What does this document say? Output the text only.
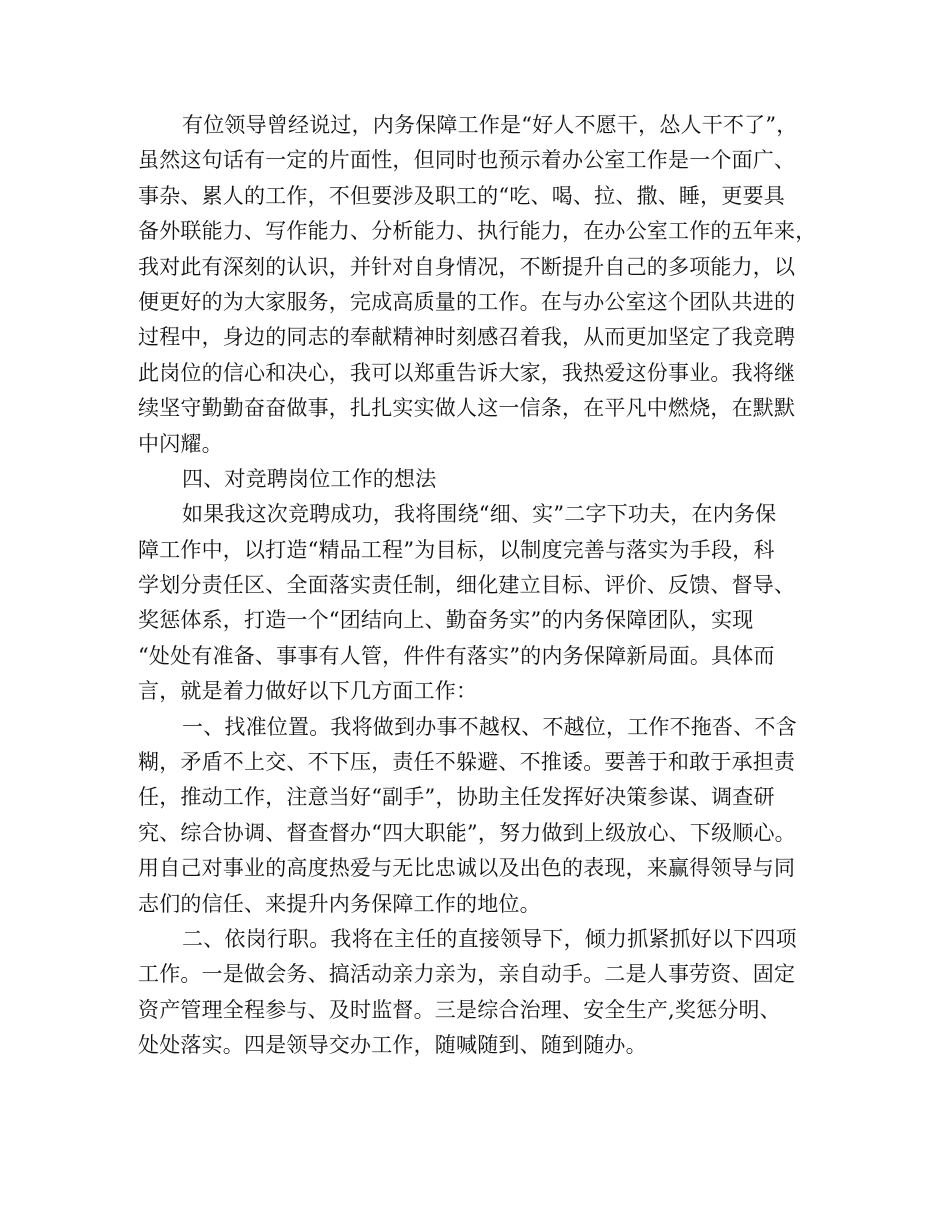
有位领导曾经说过，内务保障工作是“好人不愿干，怂人干不了”，
虽然这句话有一定的片面性，但同时也预示着办公室工作是一个面广、
事杂、累人的工作，不但要涉及职工的“吃、喝、拉、撒、睡，更要具
备外联能力、写作能力、分析能力、执行能力，在办公室工作的五年来，
我对此有深刻的认识，并针对自身情况，不断提升自己的多项能力，以
便更好的为大家服务，完成高质量的工作。在与办公室这个团队共进的
过程中，身边的同志的奉献精神时刻感召着我，从而更加坚定了我竞聘
此岗位的信心和决心，我可以郑重告诉大家，我热爱这份事业。我将继
续坚守勤勤奋奋做事，扎扎实实做人这一信条，在平凡中燃烧，在默默
中闪耀。
四、对竞聘岗位工作的想法
如果我这次竞聘成功，我将围绕“细、实”二字下功夫，在内务保
障工作中，以打造“精品工程”为目标，以制度完善与落实为手段，科
学划分责任区、全面落实责任制，细化建立目标、评价、反馈、督导、
奖惩体系，打造一个“团结向上、勤奋务实”的内务保障团队，实现
“处处有准备、事事有人管，件件有落实”的内务保障新局面。具体而
言，就是着力做好以下几方面工作：
一、找准位置。我将做到办事不越权、不越位，工作不拖沓、不含
糊，矛盾不上交、不下压，责任不躲避、不推诿。要善于和敢于承担责
任，推动工作，注意当好“副手”，协助主任发挥好决策参谋、调查研
究、综合协调、督查督办“四大职能”，努力做到上级放心、下级顺心。
用自己对事业的高度热爱与无比忠诚以及出色的表现，来赢得领导与同
志们的信任、来提升内务保障工作的地位。
二、依岗行职。我将在主任的直接领导下，倾力抓紧抓好以下四项
工作。一是做会务、搞活动亲力亲为，亲自动手。二是人事劳资、固定
资产管理全程参与、及时监督。三是综合治理、安全生产,奖惩分明、
处处落实。四是领导交办工作，随喊随到、随到随办。
